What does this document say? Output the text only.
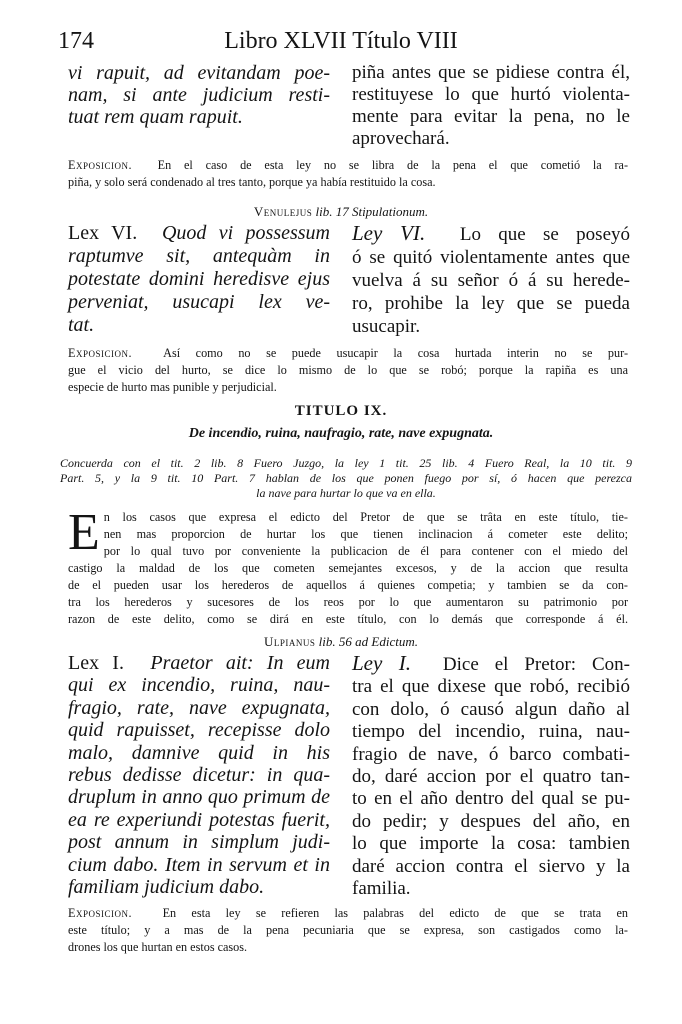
174	Libro XLVII Título VIII
vi rapuit, ad evitandam poe-
nam, si ante judicium resti-
tuat rem quam rapuit.
piña antes que se pidiese contra él,
restituyese lo que hurtó violenta-
mente para evitar la pena, no le
aprovechará.
Exposicion. En el caso de esta ley no se libra de la pena el que cometió la ra-
piña, y solo será condenado al tres tanto, porque ya había restituido la cosa.
Venulejus lib. 17 Stipulationum.
Lex VI. Quod vi possessum
raptumve sit, antequàm in
potestate domini heredisve ejus
perveniat, usucapi lex ve-
tat.
Ley VI. Lo que se poseyó
ó se quitó violentamente antes que
vuelva á su señor ó á su herede-
ro, prohibe la ley que se pueda
usucapir.
Exposicion.	Así como no se puede usucapir la cosa hurtada interin no se pur-
gue el vicio del hurto, se dice lo mismo de lo que se robó; porque la rapiña es una
especie de hurto mas punible y perjudicial.
TITULO IX.
De incendio, ruina, naufragio, rate, nave expugnata.
Concuerda con el tit. 2 lib. 8 Fuero Juzgo, la ley 1 tit. 25 lib. 4 Fuero Real, la 10 tit. 9
Part. 5, y la 9 tit. 10 Part. 7 hablan de los que ponen fuego por sí, ó hacen que perezca
la nave para hurtar lo que va en ella.
E n los casos que expresa el edicto del Pretor de que se trâta en este título, tie-
nen mas proporcion de hurtar los que tienen inclinacion á cometer este delito;
por lo qual tuvo por conveniente la publicacion de él para contener con el miedo del
castigo la maldad de los que cometen semejantes excesos, y de la accion que resulta
de el pueden usar los herederos de aquellos á quienes competia; y tambien se da con-
tra los herederos y sucesores de los reos por lo que aumentaron su patrimonio por
razon de este delito, como se dirá en este título, con lo demás que corresponde á él.
Ulpianus lib. 56 ad Edictum.
Lex I. Praetor ait: In eum
qui ex incendio, ruina, nau-
fragio, rate, nave expugnata,
quid rapuisset, recepisse dolo
malo, damnive quid in his
rebus dedisse dicetur: in qua-
druplum in anno quo primum de
ea re experiundi potestas fuerit,
post annum in simplum judi-
cium dabo. Item in servum et in
familiam judicium dabo.
Ley I. Dice el Pretor: Con-
tra el que dixese que robó, recibió
con dolo, ó causó algun daño al
tiempo del incendio, ruina, nau-
fragio de nave, ó barco combati-
do, daré accion por el quatro tan-
to en el año dentro del qual se pu-
do pedir; y despues del año, en
lo que importe la cosa: tambien
daré accion contra el siervo y la
familia.
Exposicion.	En esta ley se refieren las palabras del edicto de que se trata en
este título; y a mas de la pena pecuniaria que se expresa, son castigados como la-
drones los que hurtan en estos casos.
